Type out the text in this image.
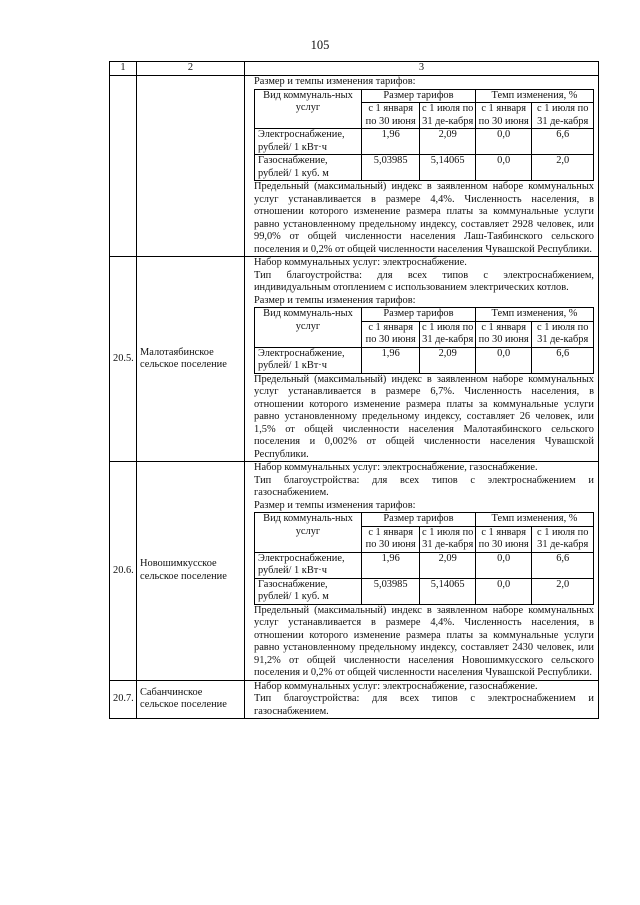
105
1	2	3

Размер и темпы изменения тарифов:

Вид коммуналь-ных услуг	Размер тарифов	Темп изменения, %
с 1 января по 30 июня	с 1 июля по 31 де-кабря	с 1 января по 30 июня	с 1 июля по 31 де-кабря
Электроснабжение, рублей/ 1 кВт·ч	1,96	2,09	0,0	6,6
Газоснабжение, рублей/ 1 куб. м	5,03985	5,14065	0,0	2,0

Предельный (максимальный) индекс в заявленном наборе коммунальных услуг устанавливается в размере 4,4%. Численность населения, в отношении которого изменение размера платы за коммунальные услуги равно установленному предельному индексу, составляет 2928 человек, или 99,0% от общей численности населения Лаш-Таябинского сельского поселения и 0,2% от общей численности населения Чувашской Республики.

20.5.	Малотаябинское сельское поселение	

Набор коммунальных услуг: электроснабжение.

Тип благоустройства: для всех типов с электроснабжением, индивидуальным отоплением с использованием электрических котлов.

Размер и темпы изменения тарифов:

Вид коммуналь-ных услуг	Размер тарифов	Темп изменения, %
с 1 января по 30 июня	с 1 июля по 31 де-кабря	с 1 января по 30 июня	с 1 июля по 31 де-кабря
Электроснабжение, рублей/ 1 кВт·ч	1,96	2,09	0,0	6,6

Предельный (максимальный) индекс в заявленном наборе коммунальных услуг устанавливается в размере 6,7%. Численность населения, в отношении которого изменение размера платы за коммунальные услуги равно установленному предельному индексу, составляет 26 человек, или 1,5% от общей численности населения Малотаябинского сельского поселения и 0,002% от общей численности населения Чувашской Республики.

20.6.	Новошимкусское сельское поселение	

Набор коммунальных услуг: электроснабжение, газоснабжение.

Тип благоустройства: для всех типов с электроснабжением и газоснабжением.

Размер и темпы изменения тарифов:

Вид коммуналь-ных услуг	Размер тарифов	Темп изменения, %
с 1 января по 30 июня	с 1 июля по 31 де-кабря	с 1 января по 30 июня	с 1 июля по 31 де-кабря
Электроснабжение, рублей/ 1 кВт·ч	1,96	2,09	0,0	6,6
Газоснабжение, рублей/ 1 куб. м	5,03985	5,14065	0,0	2,0

Предельный (максимальный) индекс в заявленном наборе коммунальных услуг устанавливается в размере 4,4%. Численность населения, в отношении которого изменение размера платы за коммунальные услуги равно установленному предельному индексу, составляет 2430 человек, или 91,2% от общей численности населения Новошимкусского сельского поселения и 0,2% от общей численности населения Чувашской Республики.

20.7.	Сабанчинское сельское поселение	

Набор коммунальных услуг: электроснабжение, газоснабжение.

Тип благоустройства: для всех типов с электроснабжением и газоснабжением.
